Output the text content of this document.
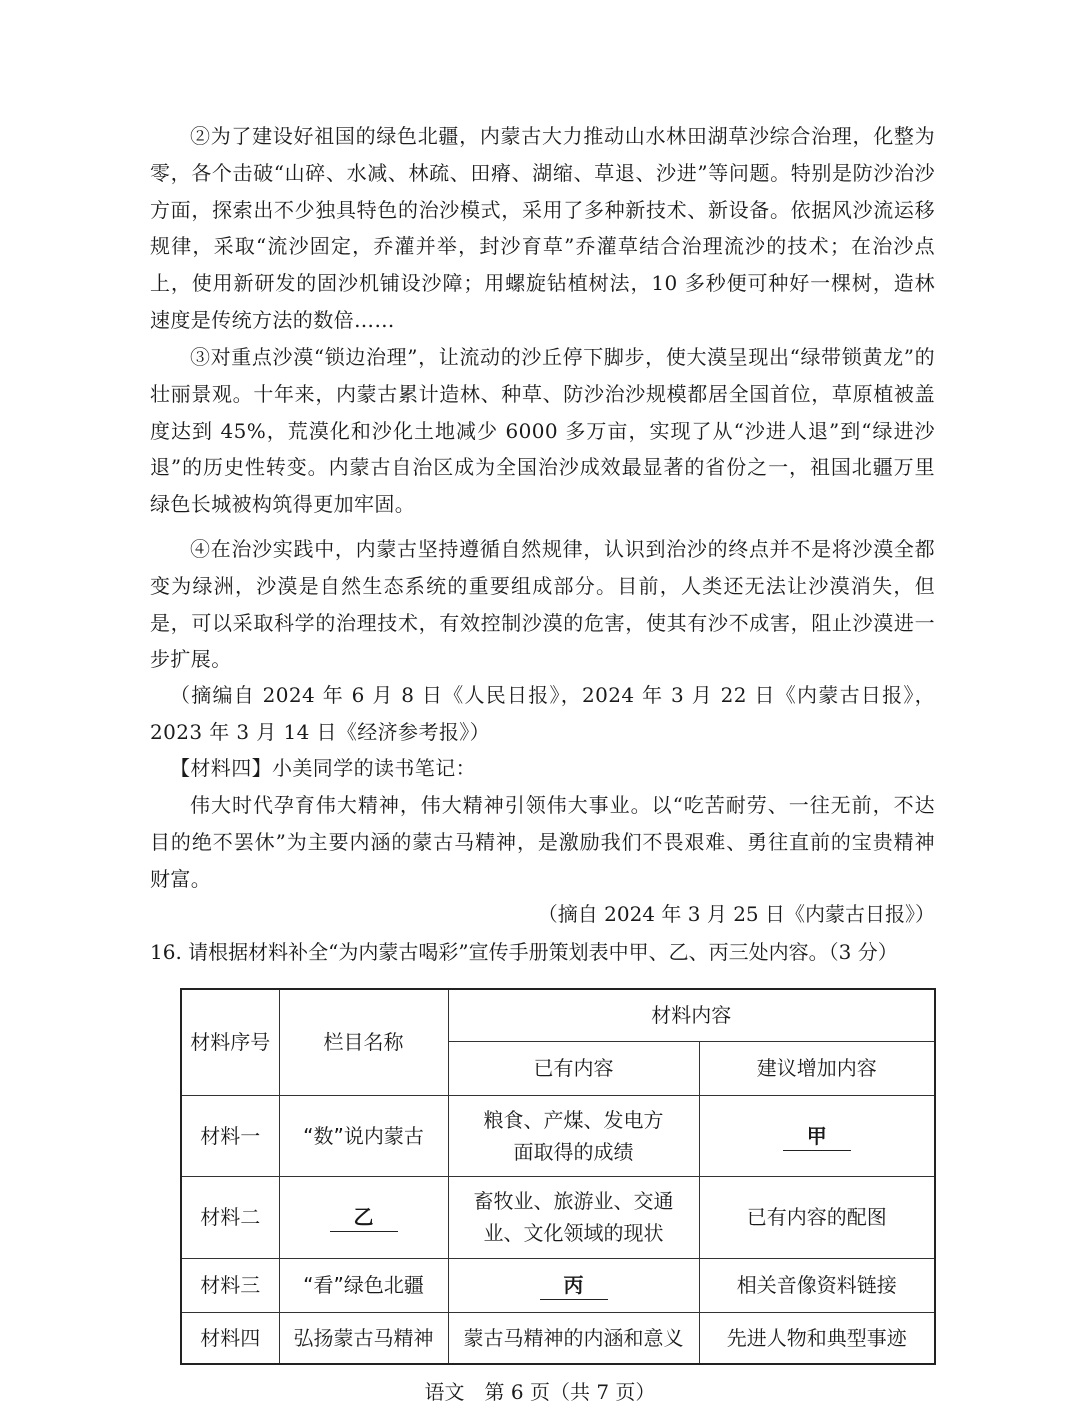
②为了建设好祖国的绿色北疆，内蒙古大力推动山水林田湖草沙综合治理，化整为零，各个击破“山碎、水减、林疏、田瘠、湖缩、草退、沙进”等问题。特别是防沙治沙方面，探索出不少独具特色的治沙模式，采用了多种新技术、新设备。依据风沙流运移规律，采取“流沙固定，乔灌并举，封沙育草”乔灌草结合治理流沙的技术；在治沙点上，使用新研发的固沙机铺设沙障；用螺旋钻植树法，10 多秒便可种好一棵树，造林速度是传统方法的数倍……

③对重点沙漠“锁边治理”，让流动的沙丘停下脚步，使大漠呈现出“绿带锁黄龙”的壮丽景观。十年来，内蒙古累计造林、种草、防沙治沙规模都居全国首位，草原植被盖度达到 45%，荒漠化和沙化土地减少 6000 多万亩，实现了从“沙进人退”到“绿进沙退”的历史性转变。内蒙古自治区成为全国治沙成效最显著的省份之一，祖国北疆万里绿色长城被构筑得更加牢固。

④在治沙实践中，内蒙古坚持遵循自然规律，认识到治沙的终点并不是将沙漠全都变为绿洲，沙漠是自然生态系统的重要组成部分。目前，人类还无法让沙漠消失，但是，可以采取科学的治理技术，有效控制沙漠的危害，使其有沙不成害，阻止沙漠进一步扩展。

（摘编自 2024 年 6 月 8 日《人民日报》，2024 年 3 月 22 日《内蒙古日报》，2023 年 3 月 14 日《经济参考报》）

【材料四】小美同学的读书笔记：

伟大时代孕育伟大精神，伟大精神引领伟大事业。以“吃苦耐劳、一往无前，不达目的绝不罢休”为主要内涵的蒙古马精神，是激励我们不畏艰难、勇往直前的宝贵精神财富。

（摘自 2024 年 3 月 25 日《内蒙古日报》）

16. 请根据材料补全“为内蒙古喝彩”宣传手册策划表中甲、乙、丙三处内容。（3 分）

材料序号	栏目名称	材料内容	
		已有内容	建议增加内容
材料一	“数”说内蒙古	粮食、产煤、发电方面取得的成绩	甲
材料二	乙	畜牧业、旅游业、交通业、文化领域的现状	已有内容的配图
材料三	“看”绿色北疆	丙	相关音像资料链接
材料四	弘扬蒙古马精神	蒙古马精神的内涵和意义	先进人物和典型事迹

语文　第 6 页（共 7 页）
